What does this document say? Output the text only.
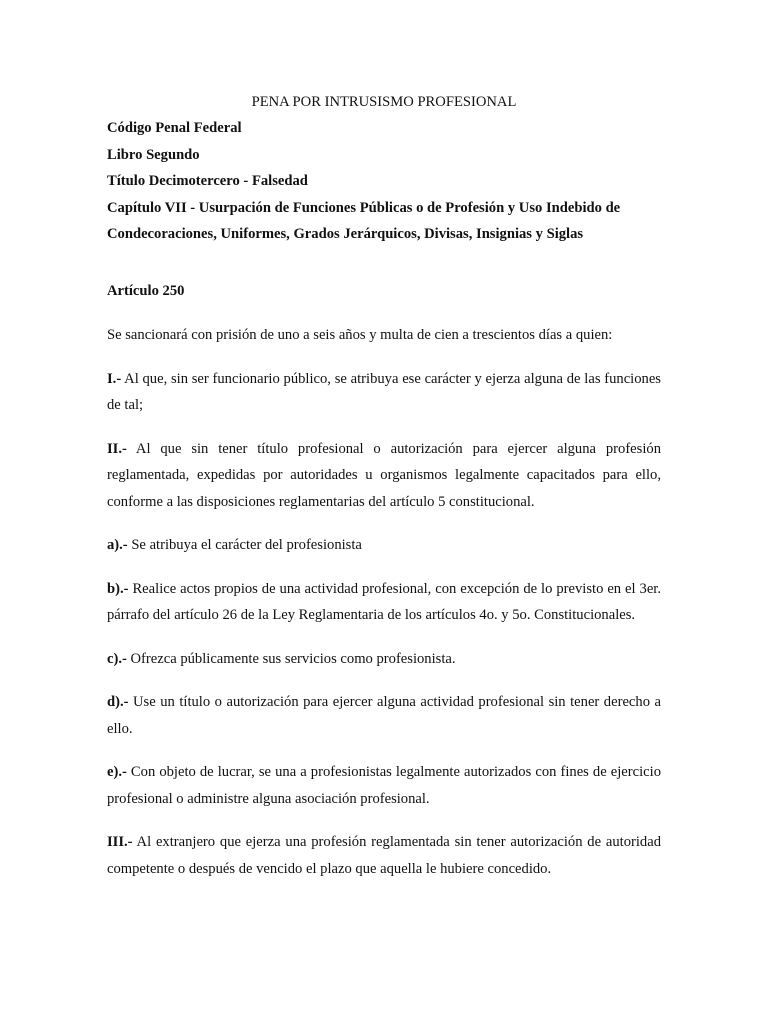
PENA POR INTRUSISMO PROFESIONAL
Código Penal Federal
Libro Segundo
Título Decimotercero - Falsedad
Capítulo VII - Usurpación de Funciones Públicas o de Profesión y Uso Indebido de Condecoraciones, Uniformes, Grados Jerárquicos, Divisas, Insignias y Siglas
Artículo 250
Se sancionará con prisión de uno a seis años y multa de cien a trescientos días a quien:
I.- Al que, sin ser funcionario público, se atribuya ese carácter y ejerza alguna de las funciones de tal;
II.- Al que sin tener título profesional o autorización para ejercer alguna profesión reglamentada, expedidas por autoridades u organismos legalmente capacitados para ello, conforme a las disposiciones reglamentarias del artículo 5 constitucional.
a).- Se atribuya el carácter del profesionista
b).- Realice actos propios de una actividad profesional, con excepción de lo previsto en el 3er. párrafo del artículo 26 de la Ley Reglamentaria de los artículos 4o. y 5o. Constitucionales.
c).- Ofrezca públicamente sus servicios como profesionista.
d).- Use un título o autorización para ejercer alguna actividad profesional sin tener derecho a ello.
e).- Con objeto de lucrar, se una a profesionistas legalmente autorizados con fines de ejercicio profesional o administre alguna asociación profesional.
III.- Al extranjero que ejerza una profesión reglamentada sin tener autorización de autoridad competente o después de vencido el plazo que aquella le hubiere concedido.
